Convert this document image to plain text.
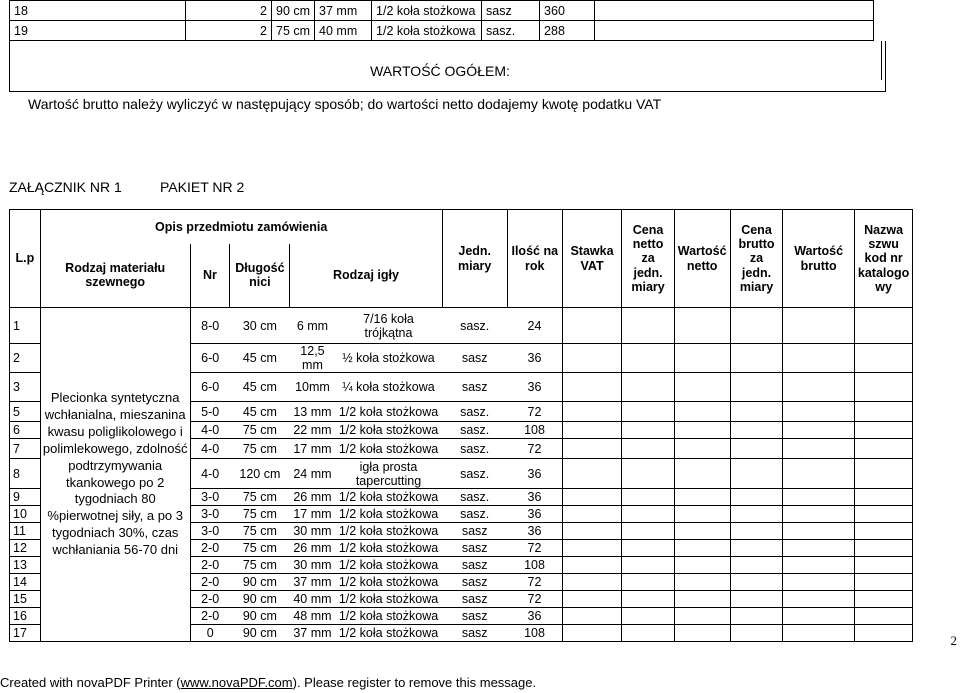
18	2	90 cm	37 mm	1/2 koła stożkowa	sasz	360	
19	2	75 cm	40 mm	1/2 koła stożkowa	sasz.	288	
WARTOŚĆ OGÓŁEM:
Wartość brutto należy wyliczyć w następujący sposób; do wartości netto dodajemy kwotę podatku VAT
ZAŁĄCZNIK NR 1	PAKIET NR 2
L.p	Opis przedmiotu zamówienia					Jedn. miary	Ilość na rok	Stawka VAT	Cena netto za jedn. miary	Wartość netto	Cena brutto za jedn. miary	Wartość brutto	Nazwa szwu kod nr katalogo wy
	Rodzaj materiału szewnego	Nr	Długość nici	Rodzaj igły									

1	Plecionka syntetyczna wchłanialna, mieszanina kwasu poliglikolowego i polimlekowego, zdolność podtrzymywania tkankowego po 2 tygodniach 80 %pierwotnej siły, a po 3 tygodniach 30%, czas wchłaniania 56-70 dni	8-0	30 cm	6 mm	7/16 koła trójkątna	sasz.	24						
2		6-0	45 cm	12,5 mm	½ koła stożkowa	sasz	36						
3		6-0	45 cm	10mm	¼ koła stożkowa	sasz	36						
5		5-0	45 cm	13 mm	1/2 koła stożkowa	sasz.	72						
6		4-0	75 cm	22 mm	1/2 koła stożkowa	sasz.	108						
7		4-0	75 cm	17 mm	1/2 koła stożkowa	sasz.	72						
8		4-0	120 cm	24 mm	igła prosta tapercutting	sasz.	36						
9		3-0	75 cm	26 mm	1/2 koła stożkowa	sasz.	36						
10		3-0	75 cm	17 mm	1/2 koła stożkowa	sasz.	36						
11		3-0	75 cm	30 mm	1/2 koła stożkowa	sasz	36						
12		2-0	75 cm	26 mm	1/2 koła stożkowa	sasz	72						
13		2-0	75 cm	30 mm	1/2 koła stożkowa	sasz	108						
14		2-0	90 cm	37 mm	1/2 koła stożkowa	sasz	72						
15		2-0	90 cm	40 mm	1/2 koła stożkowa	sasz	72						
16		2-0	90 cm	48 mm	1/2 koła stożkowa	sasz	36						
17		0	90 cm	37 mm	1/2 koła stożkowa	sasz	108							2
Created with novaPDF Printer (www.novaPDF.com). Please register to remove this message.
